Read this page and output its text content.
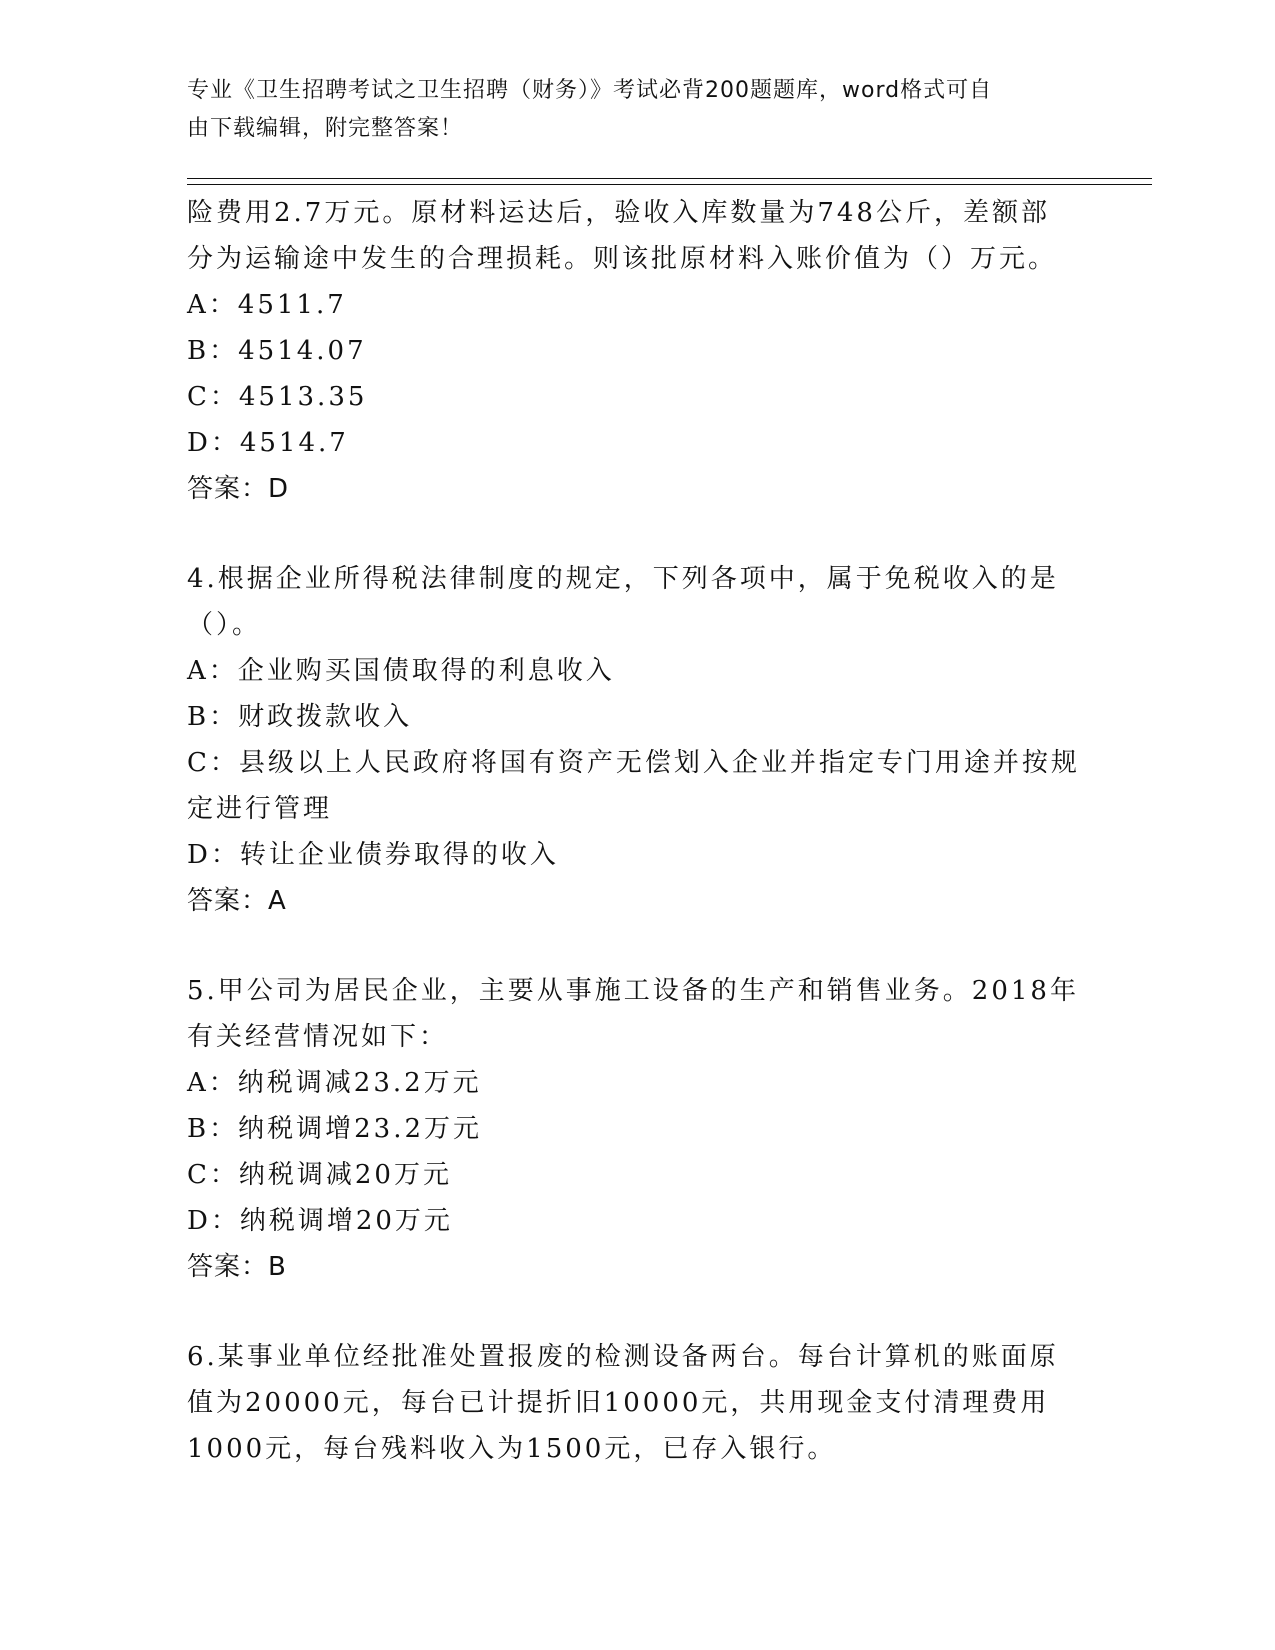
专业《卫生招聘考试之卫生招聘（财务）》考试必背200题题库，word格式可自
由下载编辑，附完整答案！
险费用2.7万元。原材料运达后，验收入库数量为748公斤，差额部
分为运输途中发生的合理损耗。则该批原材料入账价值为（）万元。
A：4511.7
B：4514.07
C：4513.35
D：4514.7
答案：D
4.根据企业所得税法律制度的规定，下列各项中，属于免税收入的是
（）。
A：企业购买国债取得的利息收入
B：财政拨款收入
C：县级以上人民政府将国有资产无偿划入企业并指定专门用途并按规
定进行管理
D：转让企业债券取得的收入
答案：A
5.甲公司为居民企业，主要从事施工设备的生产和销售业务。2018年
有关经营情况如下：
A：纳税调减23.2万元
B：纳税调增23.2万元
C：纳税调减20万元
D：纳税调增20万元
答案：B
6.某事业单位经批准处置报废的检测设备两台。每台计算机的账面原
值为20000元，每台已计提折旧10000元，共用现金支付清理费用
1000元，每台残料收入为1500元，已存入银行。
